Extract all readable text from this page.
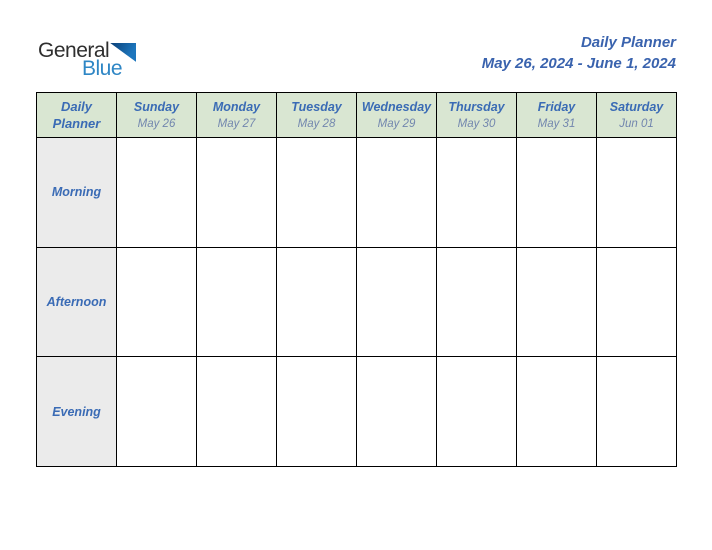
General
Blue
Daily Planner
May 26, 2024 - June 1, 2024
Daily
Planner
Sunday
May 26
Monday
May 27
Tuesday
May 28
Wednesday
May 29
Thursday
May 30
Friday
May 31
Saturday
Jun 01
Morning
Afternoon
Evening
